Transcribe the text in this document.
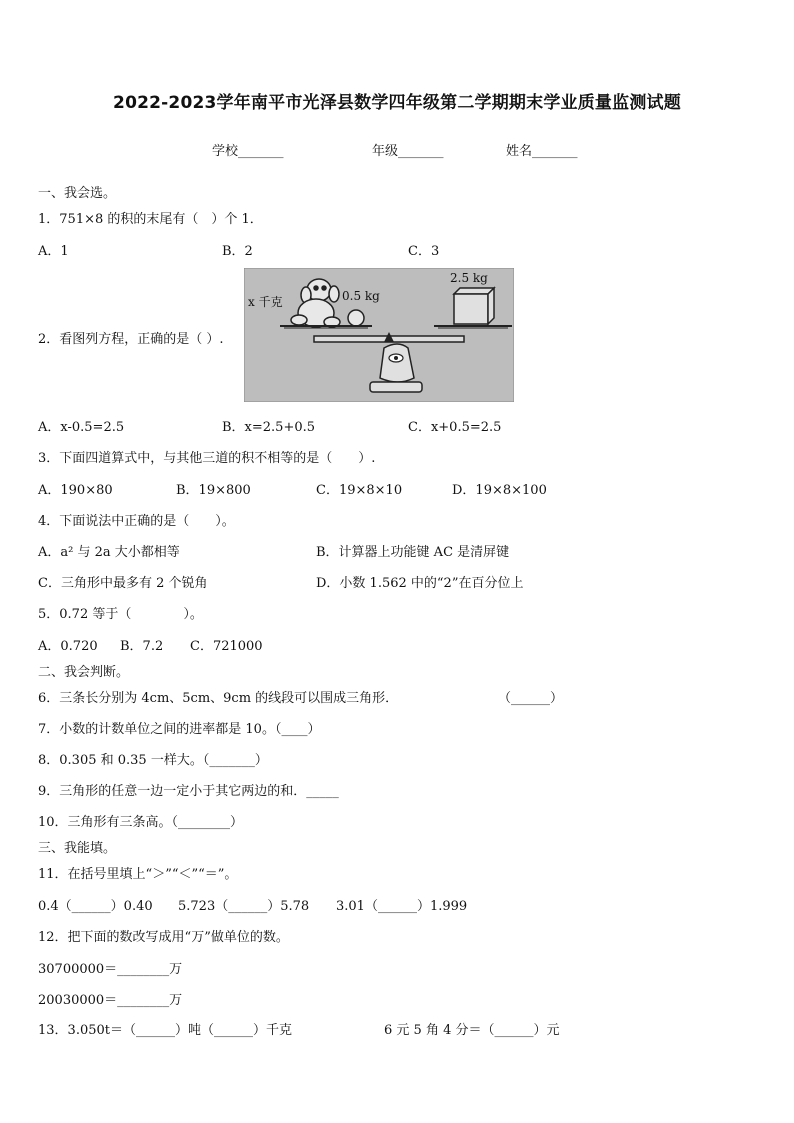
2022-2023学年南平市光泽县数学四年级第二学期期末学业质量监测试题
学校_______	年级_______	姓名_______
一、我会选。
1．751×8 的积的末尾有（　）个 1．
A．1	B．2	C．3
2．看图列方程，正确的是（ ）.
x 千克	0.5 kg
2.5 kg
A．x-0.5=2.5	B．x=2.5+0.5	C．x+0.5=2.5
3．下面四道算式中，与其他三道的积不相等的是（　　）.
A．190×80	B．19×800	C．19×8×10	D．19×8×100
4．下面说法中正确的是（　　）。
A．a² 与 2a 大小都相等	B．计算器上功能键 AC 是清屏键
C．三角形中最多有 2 个锐角	D．小数 1.562 中的“2”在百分位上
5．0.72 等于（　　　　）。
A．0.720 B．7.2 C．721000
二、我会判断。
6．三条长分别为 4cm、5cm、9cm 的线段可以围成三角形．	（______）
7．小数的计数单位之间的进率都是 10。（____）
8．0.305 和 0.35 一样大。（_______）
9．三角形的任意一边一定小于其它两边的和．_____
10．三角形有三条高。（________）
三、我能填。
11．在括号里填上“＞”“＜”“＝”。
0.4（______）0.40 5.723（______）5.78 3.01（______）1.999
12．把下面的数改写成用“万”做单位的数。
30700000＝________万
20030000＝________万
13．3.050t＝（______）吨（______）千克	6 元 5 角 4 分＝（______）元
